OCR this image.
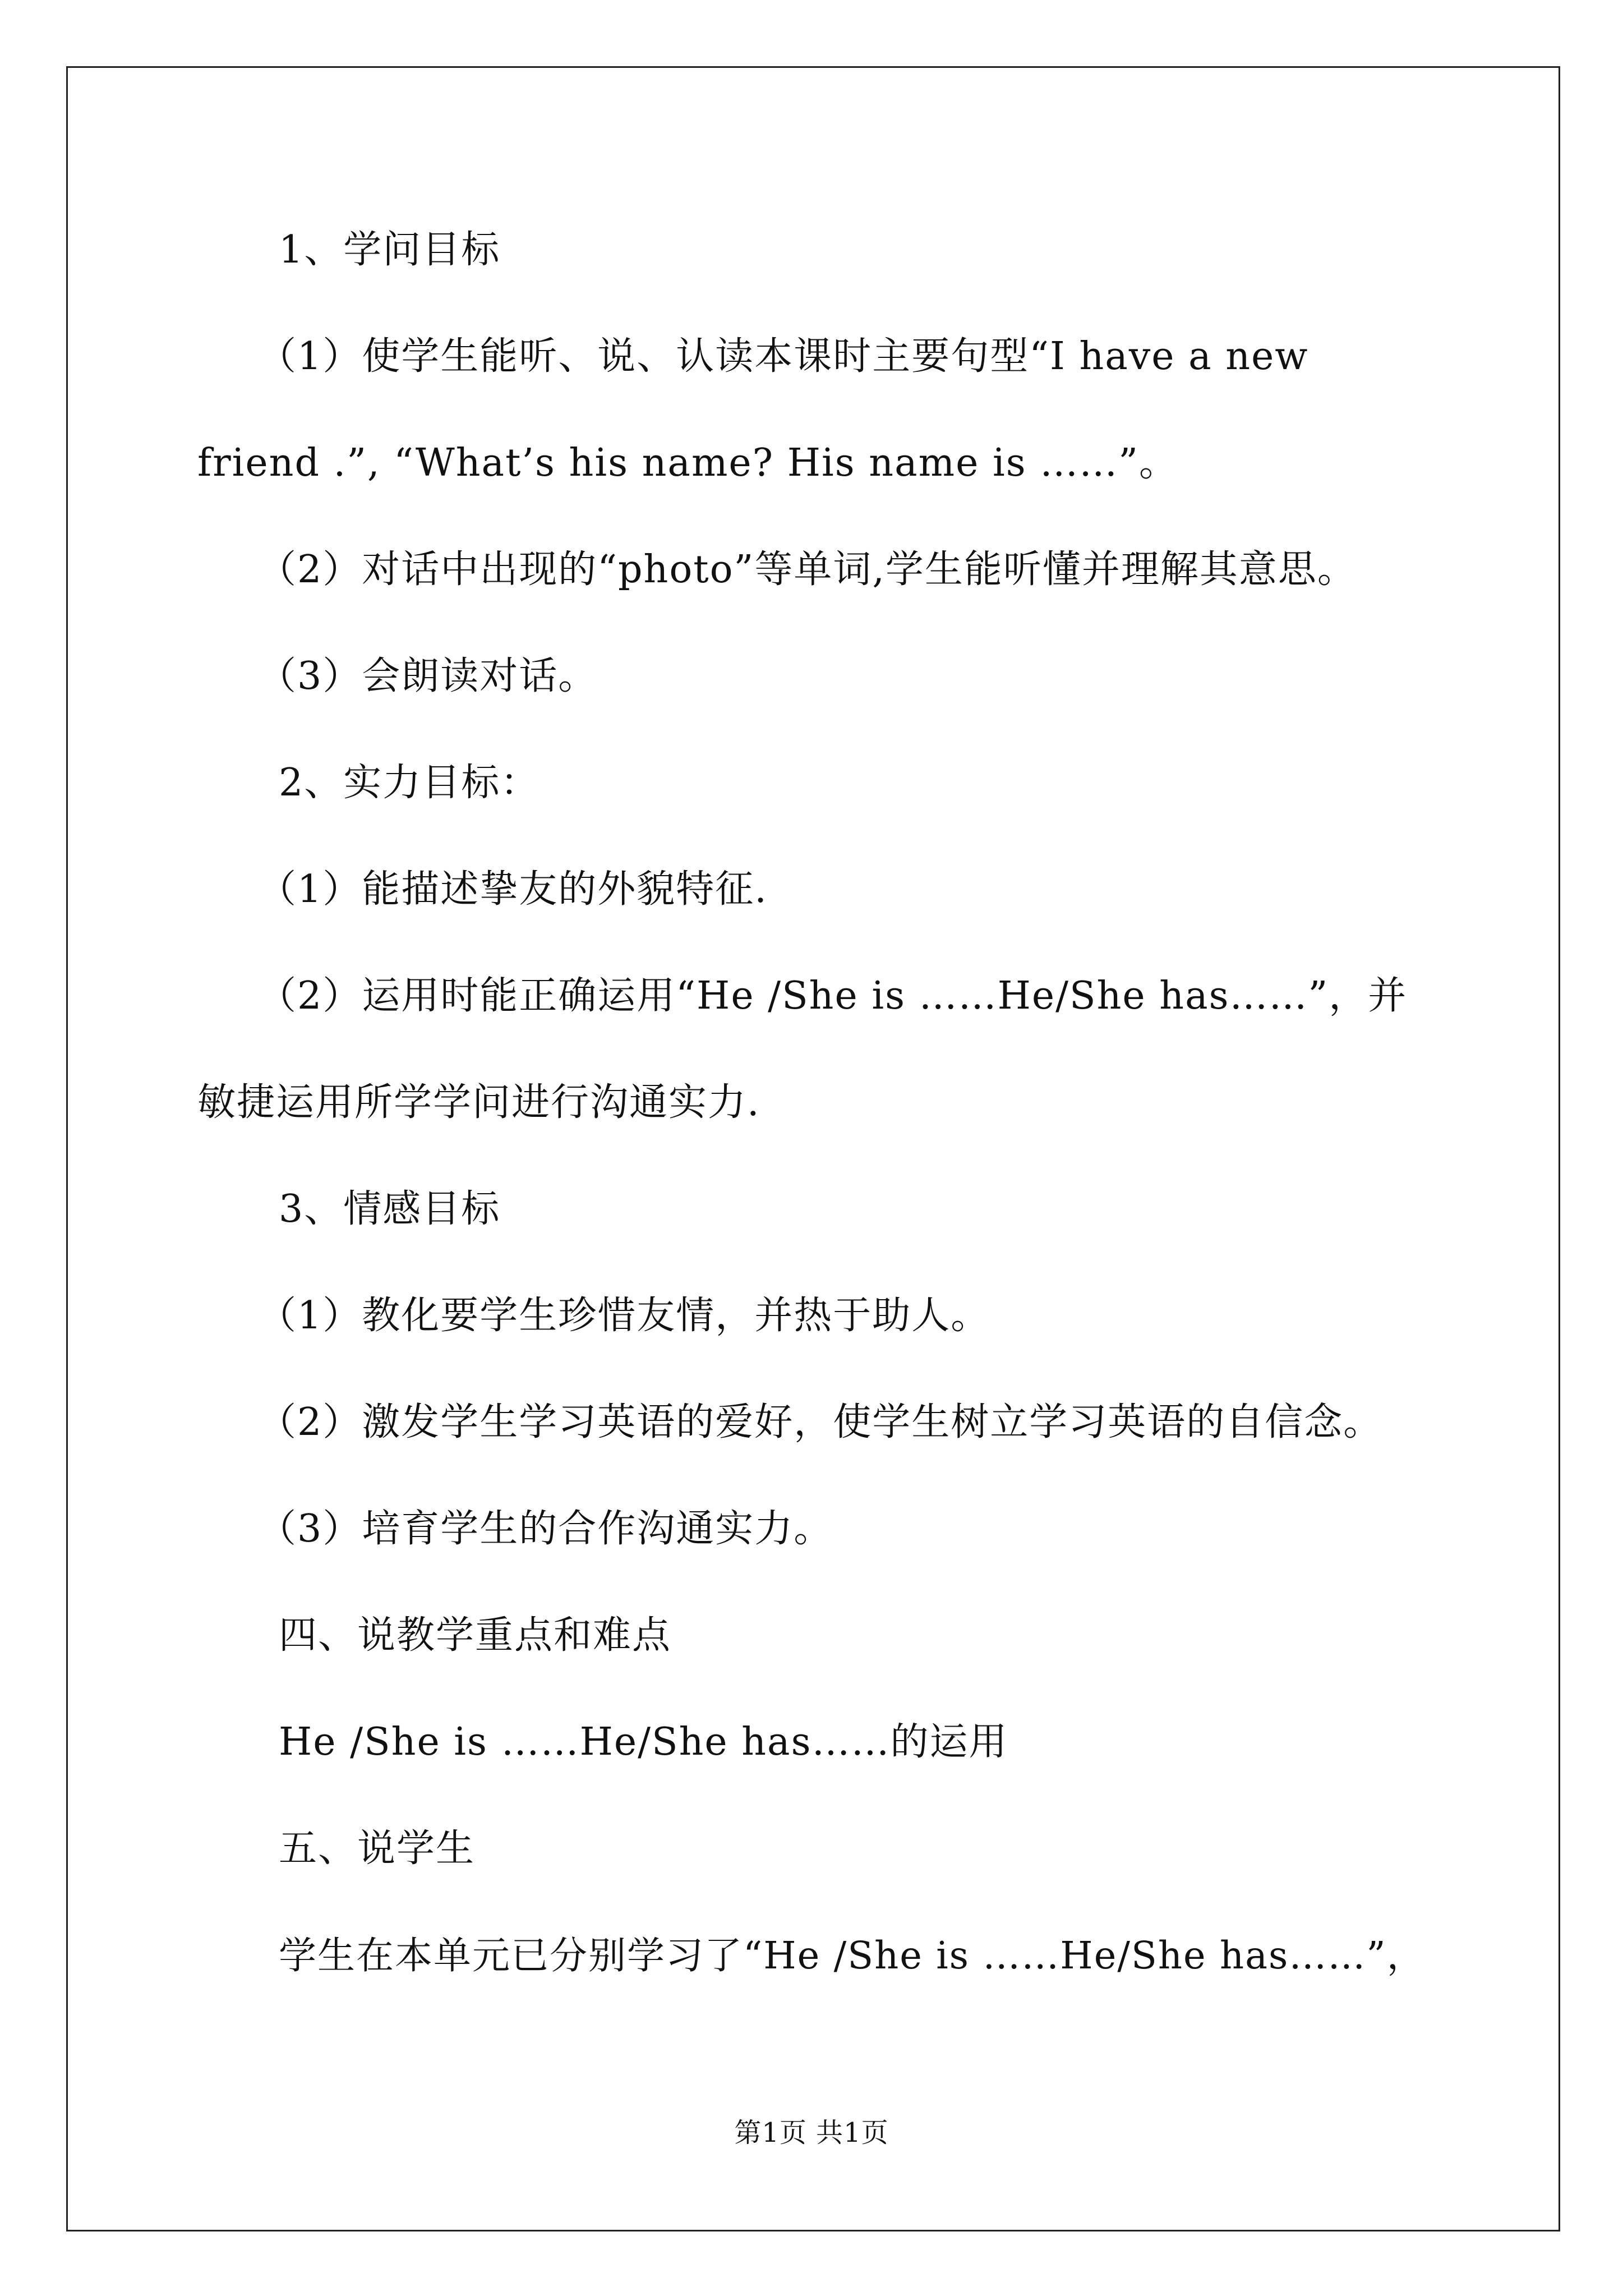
1、学问目标

（1）使学生能听、说、认读本课时主要句型“I have a new

friend .”, “What’s his name? His name is ……”。

（2）对话中出现的“photo”等单词,学生能听懂并理解其意思。

（3）会朗读对话。

2、实力目标：

（1）能描述挚友的外貌特征.

（2）运用时能正确运用“He /She is ……He/She has……”，并

敏捷运用所学学问进行沟通实力.

3、情感目标

（1）教化要学生珍惜友情，并热于助人。

（2）激发学生学习英语的爱好，使学生树立学习英语的自信念。

（3）培育学生的合作沟通实力。

四、说教学重点和难点

He /She is ……He/She has……的运用

五、说学生

学生在本单元已分别学习了“He /She is ……He/She has……”，

第1页 共1页
